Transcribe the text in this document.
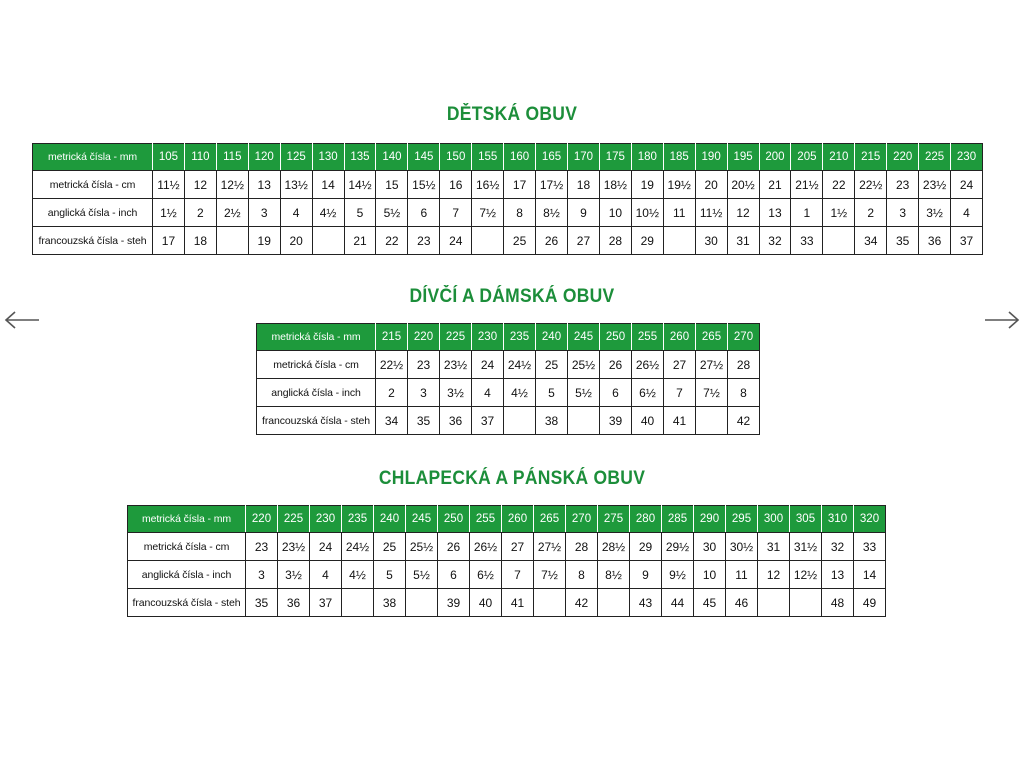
DĚTSKÁ OBUV
metrická čísla - mm	105	110	115	120	125	130	135	140	145	150	155	160	165	170	175	180	185	190	195	200	205	210	215	220	225	230
metrická čísla - cm	11½	12	12½	13	13½	14	14½	15	15½	16	16½	17	17½	18	18½	19	19½	20	20½	21	21½	22	22½	23	23½	24
anglická čísla - inch	1½	2	2½	3	4	4½	5	5½	6	7	7½	8	8½	9	10	10½	11	11½	12	13	1	1½	2	3	3½	4
francouzská čísla - steh	17	18		19	20		21	22	23	24		25	26	27	28	29		30	31	32	33		34	35	36	37
DÍVČÍ A DÁMSKÁ OBUV
metrická čísla - mm	215	220	225	230	235	240	245	250	255	260	265	270
metrická čísla - cm	22½	23	23½	24	24½	25	25½	26	26½	27	27½	28
anglická čísla - inch	2	3	3½	4	4½	5	5½	6	6½	7	7½	8
francouzská čísla - steh	34	35	36	37		38		39	40	41		42
CHLAPECKÁ A PÁNSKÁ OBUV
metrická čísla - mm	220	225	230	235	240	245	250	255	260	265	270	275	280	285	290	295	300	305	310	320
metrická čísla - cm	23	23½	24	24½	25	25½	26	26½	27	27½	28	28½	29	29½	30	30½	31	31½	32	33
anglická čísla - inch	3	3½	4	4½	5	5½	6	6½	7	7½	8	8½	9	9½	10	11	12	12½	13	14
francouzská čísla - steh	35	36	37		38		39	40	41		42		43	44	45	46			48	49
